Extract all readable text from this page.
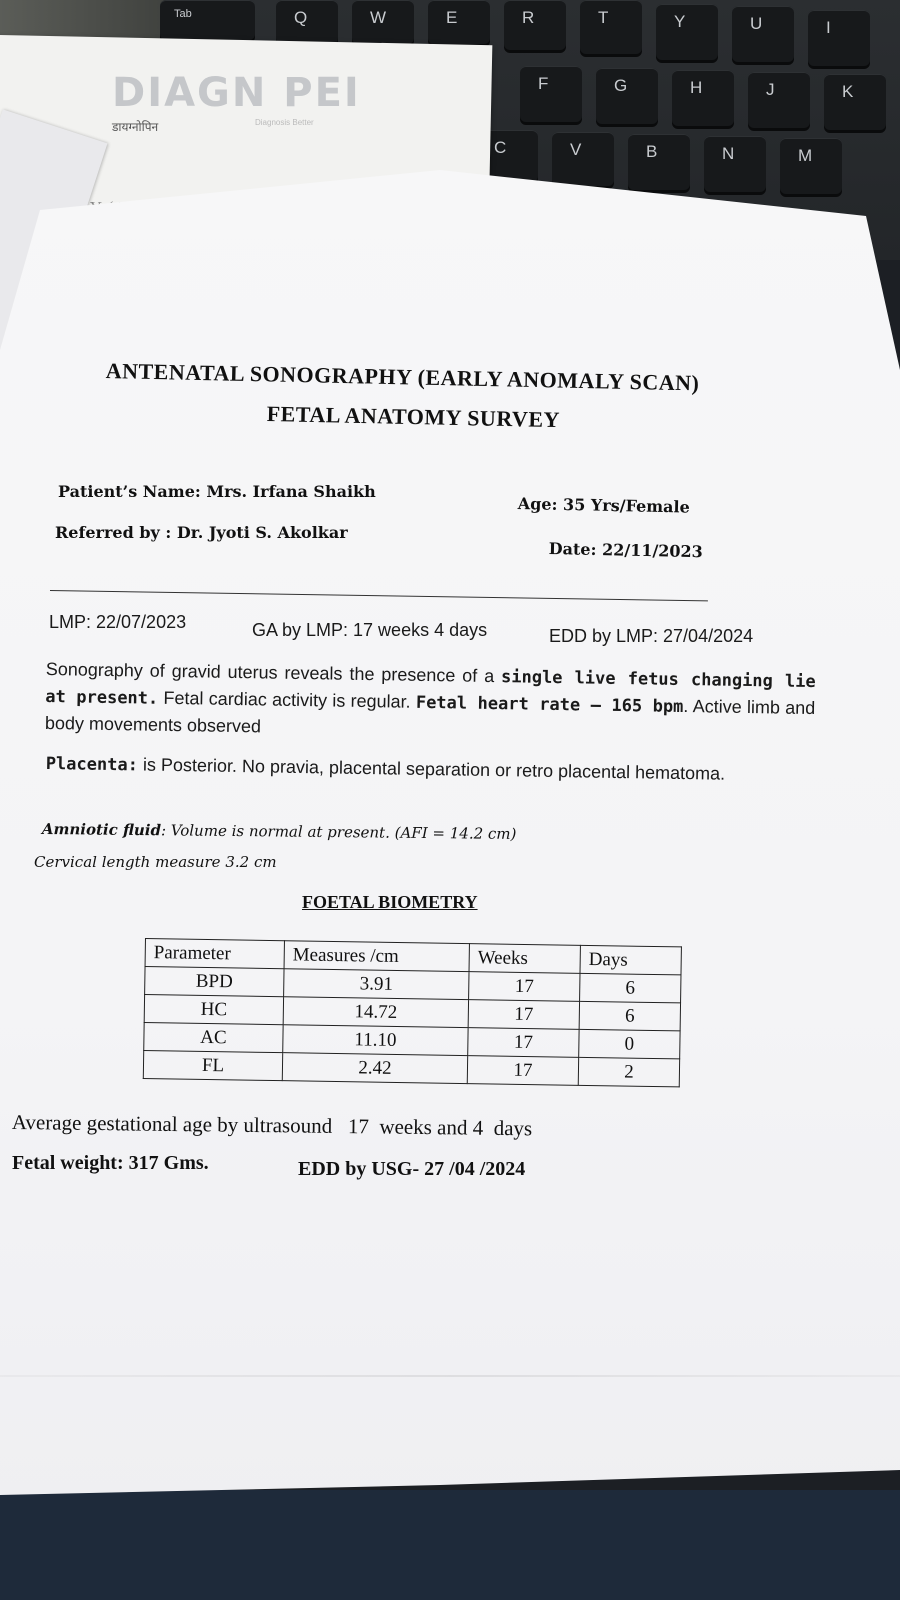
Tab	Q	W	E	R	T	Y	U	I
F	G	H	J	K
C	V	B	N	M
DIAGN PEI
डायग्नोपिन	Diagnosis Better
ANTENATAL SONOGRAPHY (EARLY ANOMALY SCAN)
FETAL ANATOMY SURVEY
Patient’s Name: Mrs. Irfana Shaikh
Age: 35 Yrs/Female
Referred by : Dr. Jyoti S. Akolkar
Date: 22/11/2023
LMP: 22/07/2023	GA by LMP: 17 weeks 4 days	EDD by LMP: 27/04/2024
Sonography of gravid uterus reveals the presence of a single live fetus changing lie at present. Fetal cardiac activity is regular. Fetal heart rate – 165 bpm. Active limb and body movements observed
Placenta: is Posterior. No pravia, placental separation or retro placental hematoma.
Amniotic fluid: Volume is normal at present. (AFI = 14.2 cm)
Cervical length measure 3.2 cm
FOETAL BIOMETRY
Parameter	Measures /cm	Weeks	Days
BPD	3.91	17	6
HC	14.72	17	6
AC	11.10	17	0
FL	2.42	17	2
Average gestational age by ultrasound   17  weeks and 4  days
Fetal weight: 317 Gms.	EDD by USG- 27 /04 /2024
